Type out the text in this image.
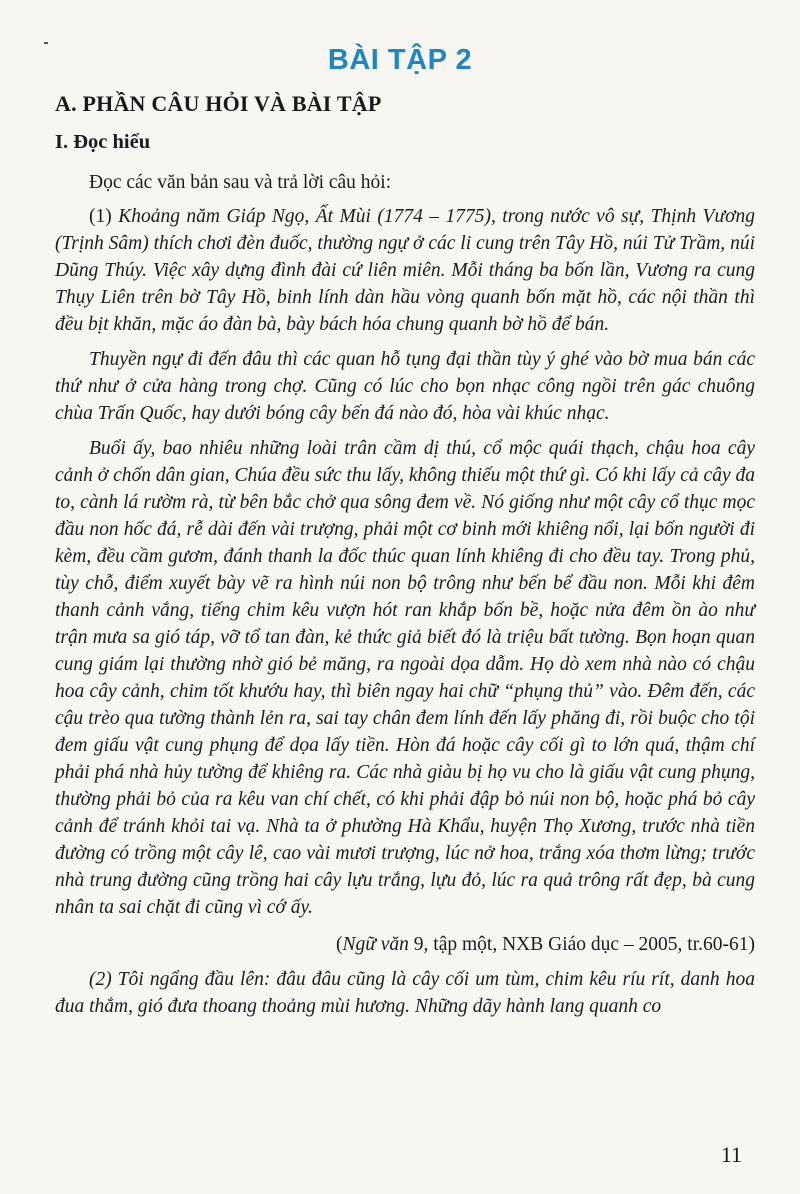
BÀI TẬP 2
A. PHẦN CÂU HỎI VÀ BÀI TẬP
I. Đọc hiểu

Đọc các văn bản sau và trả lời câu hỏi:

(1) Khoảng năm Giáp Ngọ, Ất Mùi (1774 – 1775), trong nước vô sự, Thịnh Vương (Trịnh Sâm) thích chơi đèn đuốc, thường ngự ở các li cung trên Tây Hồ, núi Tử Trầm, núi Dũng Thúy. Việc xây dựng đình đài cứ liên miên. Mỗi tháng ba bốn lần, Vương ra cung Thụy Liên trên bờ Tây Hồ, binh lính dàn hầu vòng quanh bốn mặt hồ, các nội thần thì đều bịt khăn, mặc áo đàn bà, bày bách hóa chung quanh bờ hồ để bán.

Thuyền ngự đi đến đâu thì các quan hỗ tụng đại thần tùy ý ghé vào bờ mua bán các thứ như ở cửa hàng trong chợ. Cũng có lúc cho bọn nhạc công ngồi trên gác chuông chùa Trấn Quốc, hay dưới bóng cây bến đá nào đó, hòa vài khúc nhạc.

Buổi ấy, bao nhiêu những loài trân cầm dị thú, cổ mộc quái thạch, chậu hoa cây cảnh ở chốn dân gian, Chúa đều sức thu lấy, không thiếu một thứ gì. Có khi lấy cả cây đa to, cành lá rườm rà, từ bên bắc chở qua sông đem về. Nó giống như một cây cổ thục mọc đầu non hốc đá, rễ dài đến vài trượng, phải một cơ binh mới khiêng nổi, lại bốn người đi kèm, đều cầm gươm, đánh thanh la đốc thúc quan lính khiêng đi cho đều tay. Trong phủ, tùy chỗ, điểm xuyết bày vẽ ra hình núi non bộ trông như bến bể đầu non. Mỗi khi đêm thanh cảnh vắng, tiếng chim kêu vượn hót ran khắp bốn bề, hoặc nửa đêm ồn ào như trận mưa sa gió táp, vỡ tổ tan đàn, kẻ thức giả biết đó là triệu bất tường. Bọn hoạn quan cung giám lại thường nhờ gió bẻ măng, ra ngoài dọa dẫm. Họ dò xem nhà nào có chậu hoa cây cảnh, chim tốt khướu hay, thì biên ngay hai chữ “phụng thủ” vào. Đêm đến, các cậu trèo qua tường thành lẻn ra, sai tay chân đem lính đến lấy phăng đi, rồi buộc cho tội đem giấu vật cung phụng để dọa lấy tiền. Hòn đá hoặc cây cối gì to lớn quá, thậm chí phải phá nhà hủy tường để khiêng ra. Các nhà giàu bị họ vu cho là giấu vật cung phụng, thường phải bỏ của ra kêu van chí chết, có khi phải đập bỏ núi non bộ, hoặc phá bỏ cây cảnh để tránh khỏi tai vạ. Nhà ta ở phường Hà Khẩu, huyện Thọ Xương, trước nhà tiền đường có trồng một cây lê, cao vài mươi trượng, lúc nở hoa, trắng xóa thơm lừng; trước nhà trung đường cũng trồng hai cây lựu trắng, lựu đỏ, lúc ra quả trông rất đẹp, bà cung nhân ta sai chặt đi cũng vì cớ ấy.

(Ngữ văn 9, tập một, NXB Giáo dục – 2005, tr.60-61)

(2) Tôi ngẩng đầu lên: đâu đâu cũng là cây cối um tùm, chim kêu ríu rít, danh hoa đua thắm, gió đưa thoang thoảng mùi hương. Những dãy hành lang quanh co

11
